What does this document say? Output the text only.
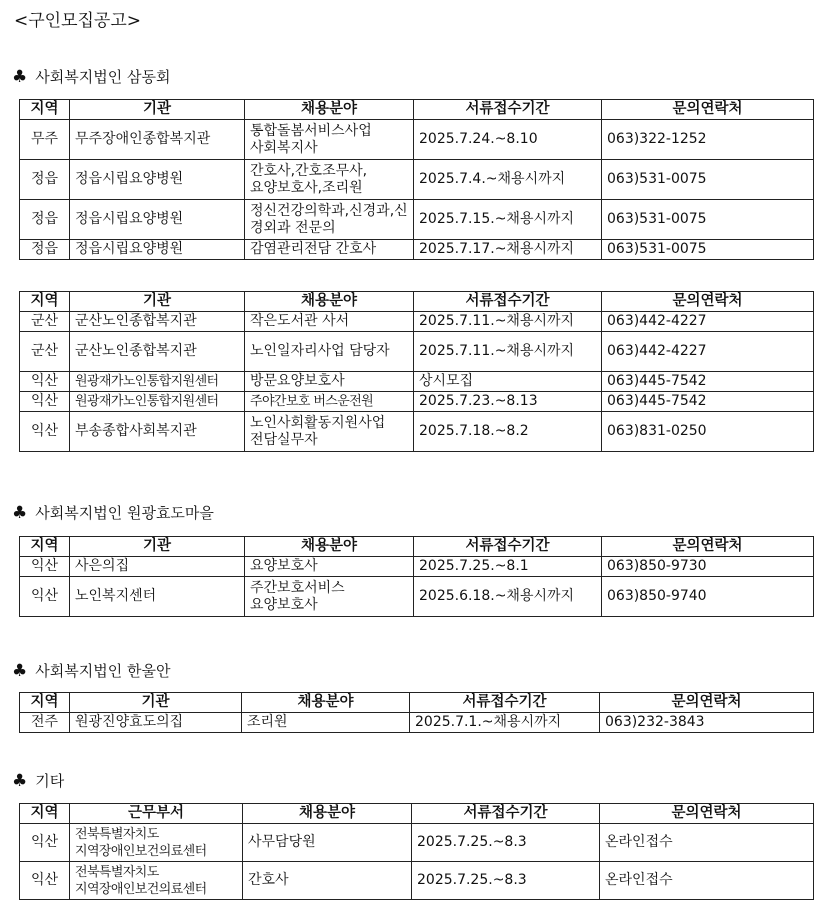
<구인모집공고>
♣ 사회복지법인 삼동회
지역	기관	채용분야	서류접수기간	문의연락처
무주	무주장애인종합복지관	통합돌봄서비스사업 사회복지사	2025.7.24.~8.10	063)322-1252
정읍	정읍시립요양병원	간호사,간호조무사, 요양보호사,조리원	2025.7.4.~채용시까지	063)531-0075
정읍	정읍시립요양병원	정신건강의학과,신경과,신경외과 전문의	2025.7.15.~채용시까지	063)531-0075
정읍	정읍시립요양병원	감염관리전담 간호사	2025.7.17.~채용시까지	063)531-0075
지역	기관	채용분야	서류접수기간	문의연락처
군산	군산노인종합복지관	작은도서관 사서	2025.7.11.~채용시까지	063)442-4227
군산	군산노인종합복지관	노인일자리사업 담당자	2025.7.11.~채용시까지	063)442-4227
익산	원광재가노인통합지원센터	방문요양보호사	상시모집	063)445-7542
익산	원광재가노인통합지원센터	주야간보호 버스운전원	2025.7.23.~8.13	063)445-7542
익산	부송종합사회복지관	노인사회활동지원사업 전담실무자	2025.7.18.~8.2	063)831-0250
♣ 사회복지법인 원광효도마을
지역	기관	채용분야	서류접수기간	문의연락처
익산	사은의집	요양보호사	2025.7.25.~8.1	063)850-9730
익산	노인복지센터	주간보호서비스 요양보호사	2025.6.18.~채용시까지	063)850-9740
♣ 사회복지법인 한울안
지역	기관	채용분야	서류접수기간	문의연락처
전주	원광진양효도의집	조리원	2025.7.1.~채용시까지	063)232-3843
♣ 기타
지역	근무부서	채용분야	서류접수기간	문의연락처
익산	전북특별자치도 지역장애인보건의료센터	사무담당원	2025.7.25.~8.3	온라인접수
익산	전북특별자치도 지역장애인보건의료센터	간호사	2025.7.25.~8.3	온라인접수
